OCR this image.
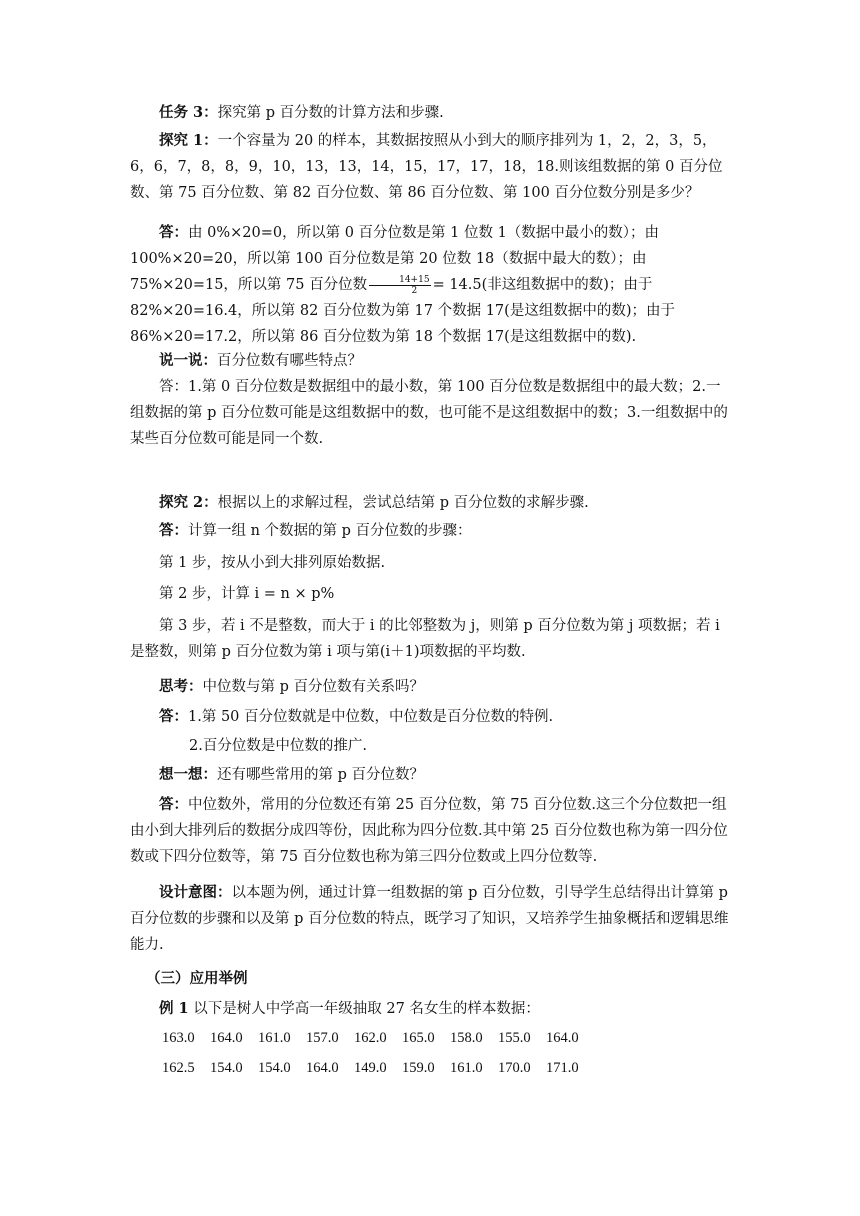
任务 3：探究第 p 百分数的计算方法和步骤.
探究 1：一个容量为 20 的样本，其数据按照从小到大的顺序排列为 1，2，2，3，5，6，6，7，8，8，9，10，13，13，14，15，17，17，18，18.则该组数据的第 0 百分位数、第 75 百分位数、第 82 百分位数、第 86 百分位数、第 100 百分位数分别是多少？
答：由 0%×20=0，所以第 0 百分位数是第 1 位数 1（数据中最小的数）；由 100%×20=20，所以第 100 百分位数是第 20 位数 18（数据中最大的数）；由 75%×20=15，所以第 75 百分位数 $\frac{14+15}{2} = 14.5$(非这组数据中的数)；由于 82%×20=16.4，所以第 82 百分位数为第 17 个数据 17(是这组数据中的数)；由于 86%×20=17.2，所以第 86 百分位数为第 18 个数据 17(是这组数据中的数).
说一说：百分位数有哪些特点？
答：1.第 0 百分位数是数据组中的最小数，第 100 百分位数是数据组中的最大数；2.一组数据的第 p 百分位数可能是这组数据中的数，也可能不是这组数据中的数；3.一组数据中的某些百分位数可能是同一个数.
探究 2：根据以上的求解过程，尝试总结第 p 百分位数的求解步骤.
答：计算一组 n 个数据的第 p 百分位数的步骤：
第 1 步，按从小到大排列原始数据.
第 2 步，计算 i = n × p%
第 3 步，若 i 不是整数，而大于 i 的比邻整数为 j，则第 p 百分位数为第 j 项数据；若 i 是整数，则第 p 百分位数为第 i 项与第(i＋1)项数据的平均数.
思考：中位数与第 p 百分位数有关系吗？
答：1.第 50 百分位数就是中位数，中位数是百分位数的特例.
2.百分位数是中位数的推广.
想一想：还有哪些常用的第 p 百分位数？
答：中位数外，常用的分位数还有第 25 百分位数，第 75 百分位数.这三个分位数把一组由小到大排列后的数据分成四等份，因此称为四分位数.其中第 25 百分位数也称为第一四分位数或下四分位数等，第 75 百分位数也称为第三四分位数或上四分位数等.
设计意图：以本题为例，通过计算一组数据的第 p 百分位数，引导学生总结得出计算第 p 百分位数的步骤和以及第 p 百分位数的特点，既学习了知识，又培养学生抽象概括和逻辑思维能力.
（三）应用举例
例 1 以下是树人中学高一年级抽取 27 名女生的样本数据：
163.0	164.0	161.0	157.0	162.0	165.0	158.0	155.0	164.0
162.5	154.0	154.0	164.0	149.0	159.0	161.0	170.0	171.0
